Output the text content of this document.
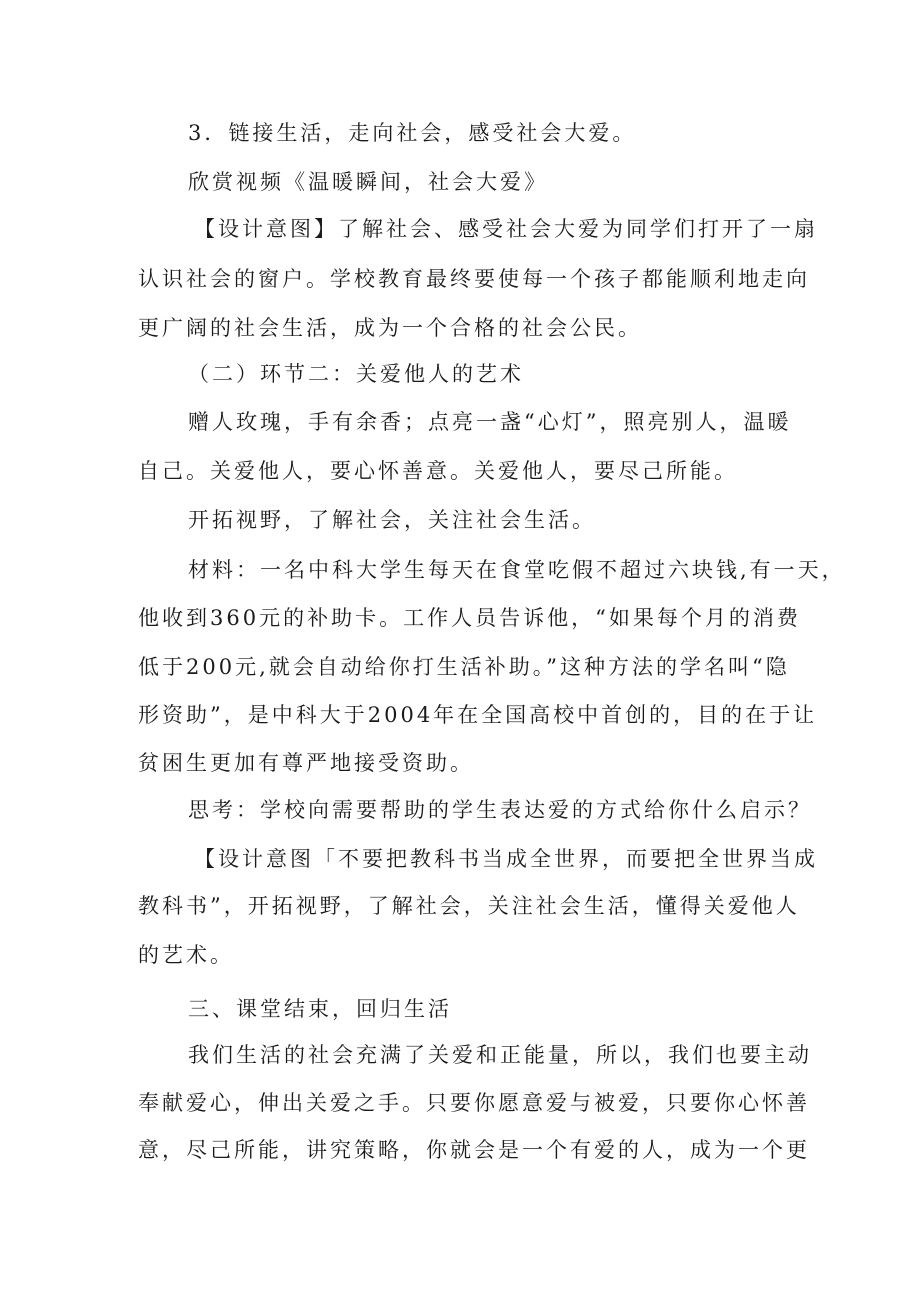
3．链接生活，走向社会，感受社会大爱。
欣赏视频《温暖瞬间，社会大爱》
【设计意图】了解社会、感受社会大爱为同学们打开了一扇
认识社会的窗户。学校教育最终要使每一个孩子都能顺利地走向
更广阔的社会生活，成为一个合格的社会公民。
（二）环节二：关爱他人的艺术
赠人玫瑰，手有余香；点亮一盏“心灯”，照亮别人，温暖
自己。关爱他人，要心怀善意。关爱他人，要尽己所能。
开拓视野，了解社会，关注社会生活。
材料：一名中科大学生每天在食堂吃假不超过六块钱,有一天，
他收到360元的补助卡。工作人员告诉他，“如果每个月的消费
低于200元,就会自动给你打生活补助。”这种方法的学名叫“隐
形资助”，是中科大于2004年在全国高校中首创的，目的在于让
贫困生更加有尊严地接受资助。
思考：学校向需要帮助的学生表达爱的方式给你什么启示？
【设计意图「不要把教科书当成全世界，而要把全世界当成
教科书”，开拓视野，了解社会，关注社会生活，懂得关爱他人
的艺术。
三、课堂结束，回归生活
我们生活的社会充满了关爱和正能量，所以，我们也要主动
奉献爱心，伸出关爱之手。只要你愿意爱与被爱，只要你心怀善
意，尽己所能，讲究策略，你就会是一个有爱的人，成为一个更
